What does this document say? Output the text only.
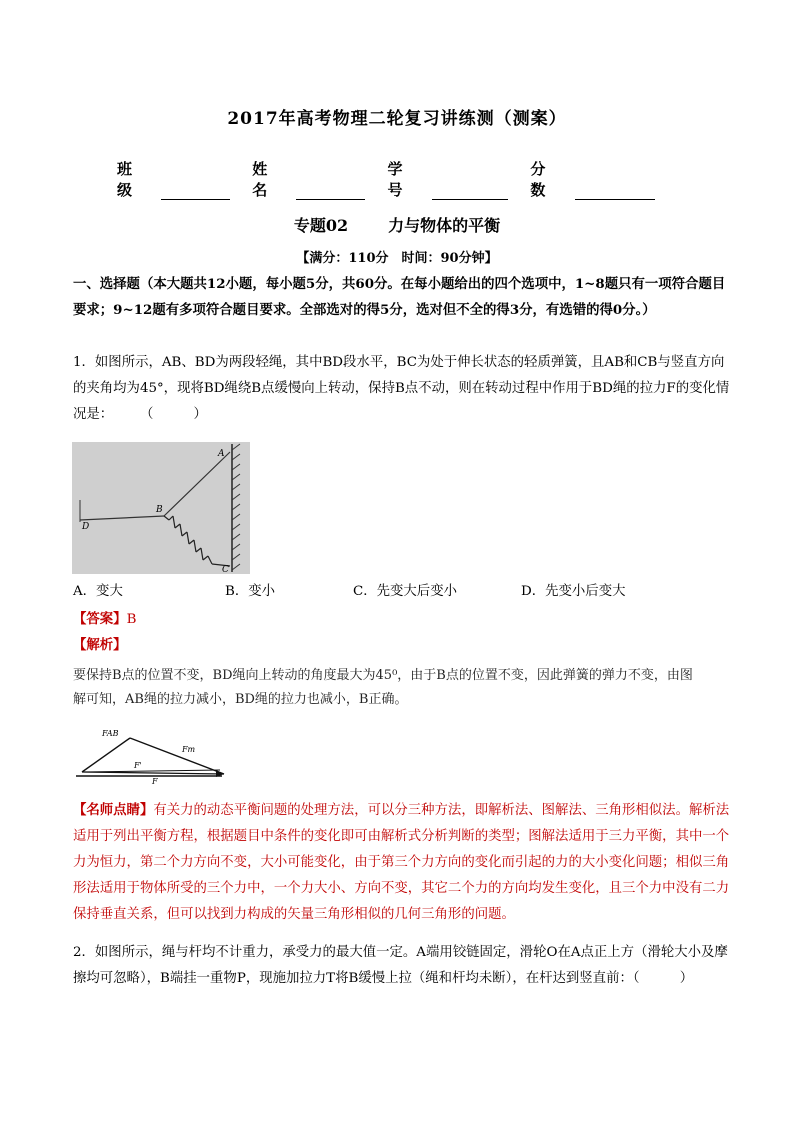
2017年高考物理二轮复习讲练测（测案）
班级
姓名
学号
分数
专题02	力与物体的平衡
【满分：110分　时间：90分钟】
一、选择题（本大题共12小题，每小题5分，共60分。在每小题给出的四个选项中，1~8题只有一项符合题目要求；9~12题有多项符合题目要求。全部选对的得5分，选对但不全的得3分，有选错的得0分。）
1．如图所示，AB、BD为两段轻绳，其中BD段水平，BC为处于伸长状态的轻质弹簧，且AB和CB与竖直方向的夹角均为45°，现将BD绳绕B点缓慢向上转动，保持B点不动，则在转动过程中作用于BD绳的拉力F的变化情况是：　　　（　　　）
A
B
C
D
A．变大	B．变小	C．先变大后变小	D．先变小后变大
【答案】B
【解析】
要保持B点的位置不变，BD绳向上转动的角度最大为45⁰，由于B点的位置不变，因此弹簧的弹力不变，由图解可知，AB绳的拉力减小，BD绳的拉力也减小，B正确。
FAB
Fm
F'
F
【名师点睛】有关力的动态平衡问题的处理方法，可以分三种方法，即解析法、图解法、三角形相似法。解析法适用于列出平衡方程，根据题目中条件的变化即可由解析式分析判断的类型；图解法适用于三力平衡，其中一个力为恒力，第二个力方向不变，大小可能变化，由于第三个力方向的变化而引起的力的大小变化问题；相似三角形法适用于物体所受的三个力中，一个力大小、方向不变，其它二个力的方向均发生变化，且三个力中没有二力保持垂直关系，但可以找到力构成的矢量三角形相似的几何三角形的问题。
2．如图所示，绳与杆均不计重力，承受力的最大值一定。A端用铰链固定，滑轮O在A点正上方（滑轮大小及摩擦均可忽略），B端挂一重物P，现施加拉力T将B缓慢上拉（绳和杆均未断），在杆达到竖直前：（　　　）
